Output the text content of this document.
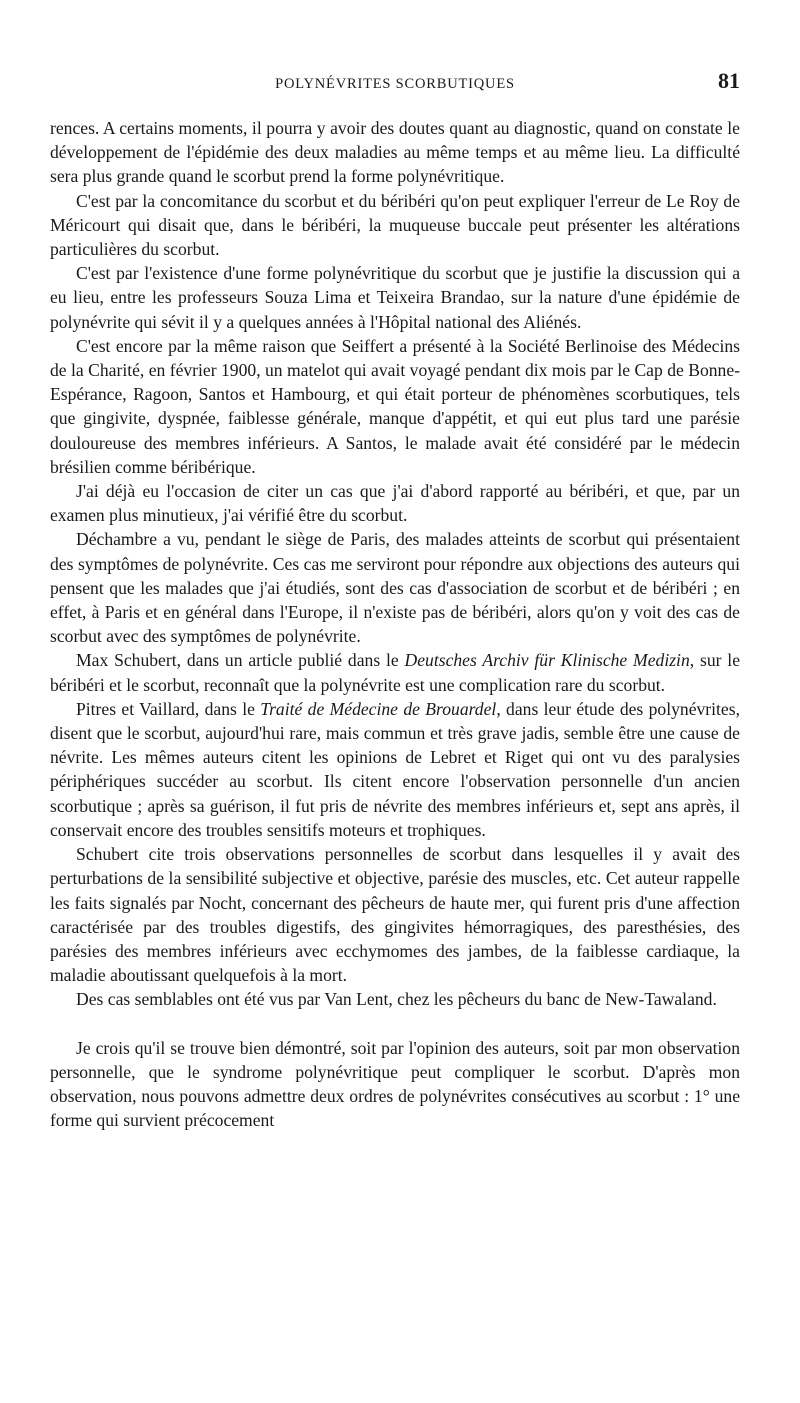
POLYNÉVRITES SCORBUTIQUES	81

rences. A certains moments, il pourra y avoir des doutes quant au diagnostic, quand on constate le développement de l'épidémie des deux maladies au même temps et au même lieu. La difficulté sera plus grande quand le scorbut prend la forme polynévritique.

C'est par la concomitance du scorbut et du béribéri qu'on peut expliquer l'erreur de Le Roy de Méricourt qui disait que, dans le béribéri, la muqueuse buccale peut présenter les altérations particulières du scorbut.

C'est par l'existence d'une forme polynévritique du scorbut que je justifie la discussion qui a eu lieu, entre les professeurs Souza Lima et Teixeira Brandao, sur la nature d'une épidémie de polynévrite qui sévit il y a quelques années à l'Hôpital national des Aliénés.

C'est encore par la même raison que Seiffert a présenté à la Société Berlinoise des Médecins de la Charité, en février 1900, un matelot qui avait voyagé pendant dix mois par le Cap de Bonne-Espérance, Ragoon, Santos et Hambourg, et qui était porteur de phénomènes scorbutiques, tels que gingivite, dyspnée, faiblesse générale, manque d'appétit, et qui eut plus tard une parésie douloureuse des membres inférieurs. A Santos, le malade avait été considéré par le médecin brésilien comme béribérique.

J'ai déjà eu l'occasion de citer un cas que j'ai d'abord rapporté au béribéri, et que, par un examen plus minutieux, j'ai vérifié être du scorbut.

Déchambre a vu, pendant le siège de Paris, des malades atteints de scorbut qui présentaient des symptômes de polynévrite. Ces cas me serviront pour répondre aux objections des auteurs qui pensent que les malades que j'ai étudiés, sont des cas d'association de scorbut et de béribéri ; en effet, à Paris et en général dans l'Europe, il n'existe pas de béribéri, alors qu'on y voit des cas de scorbut avec des symptômes de polynévrite.

Max Schubert, dans un article publié dans le Deutsches Archiv für Klinische Medizin, sur le béribéri et le scorbut, reconnaît que la polynévrite est une complication rare du scorbut.

Pitres et Vaillard, dans le Traité de Médecine de Brouardel, dans leur étude des polynévrites, disent que le scorbut, aujourd'hui rare, mais commun et très grave jadis, semble être une cause de névrite. Les mêmes auteurs citent les opinions de Lebret et Riget qui ont vu des paralysies périphériques succéder au scorbut. Ils citent encore l'observation personnelle d'un ancien scorbutique ; après sa guérison, il fut pris de névrite des membres inférieurs et, sept ans après, il conservait encore des troubles sensitifs moteurs et trophiques.

Schubert cite trois observations personnelles de scorbut dans lesquelles il y avait des perturbations de la sensibilité subjective et objective, parésie des muscles, etc. Cet auteur rappelle les faits signalés par Nocht, concernant des pêcheurs de haute mer, qui furent pris d'une affection caractérisée par des troubles digestifs, des gingivites hémorragiques, des paresthésies, des parésies des membres inférieurs avec ecchymomes des jambes, de la faiblesse cardiaque, la maladie aboutissant quelquefois à la mort.

Des cas semblables ont été vus par Van Lent, chez les pêcheurs du banc de New-Tawaland.

Je crois qu'il se trouve bien démontré, soit par l'opinion des auteurs, soit par mon observation personnelle, que le syndrome polynévritique peut compliquer le scorbut. D'après mon observation, nous pouvons admettre deux ordres de polynévrites consécutives au scorbut : 1° une forme qui survient précocement
